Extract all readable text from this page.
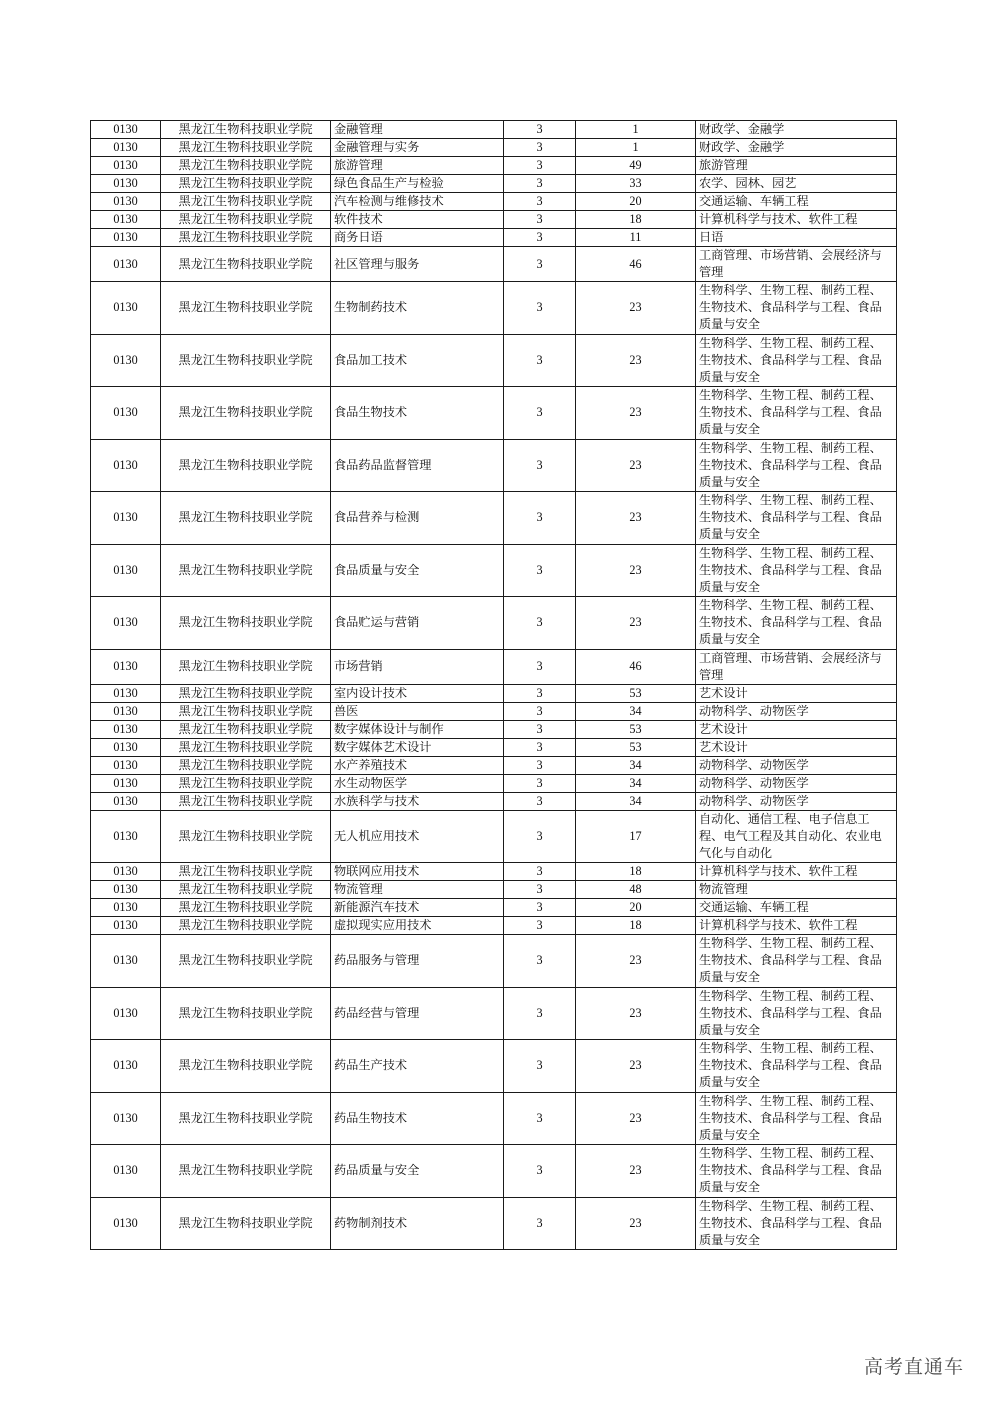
0130	黑龙江生物科技职业学院	金融管理	3	1	财政学、金融学
0130	黑龙江生物科技职业学院	金融管理与实务	3	1	财政学、金融学
0130	黑龙江生物科技职业学院	旅游管理	3	49	旅游管理
0130	黑龙江生物科技职业学院	绿色食品生产与检验	3	33	农学、园林、园艺
0130	黑龙江生物科技职业学院	汽车检测与维修技术	3	20	交通运输、车辆工程
0130	黑龙江生物科技职业学院	软件技术	3	18	计算机科学与技术、软件工程
0130	黑龙江生物科技职业学院	商务日语	3	11	日语
0130	黑龙江生物科技职业学院	社区管理与服务	3	46	工商管理、市场营销、会展经济与管理
0130	黑龙江生物科技职业学院	生物制药技术	3	23	生物科学、生物工程、制药工程、生物技术、食品科学与工程、食品质量与安全
0130	黑龙江生物科技职业学院	食品加工技术	3	23	生物科学、生物工程、制药工程、生物技术、食品科学与工程、食品质量与安全
0130	黑龙江生物科技职业学院	食品生物技术	3	23	生物科学、生物工程、制药工程、生物技术、食品科学与工程、食品质量与安全
0130	黑龙江生物科技职业学院	食品药品监督管理	3	23	生物科学、生物工程、制药工程、生物技术、食品科学与工程、食品质量与安全
0130	黑龙江生物科技职业学院	食品营养与检测	3	23	生物科学、生物工程、制药工程、生物技术、食品科学与工程、食品质量与安全
0130	黑龙江生物科技职业学院	食品质量与安全	3	23	生物科学、生物工程、制药工程、生物技术、食品科学与工程、食品质量与安全
0130	黑龙江生物科技职业学院	食品贮运与营销	3	23	生物科学、生物工程、制药工程、生物技术、食品科学与工程、食品质量与安全
0130	黑龙江生物科技职业学院	市场营销	3	46	工商管理、市场营销、会展经济与管理
0130	黑龙江生物科技职业学院	室内设计技术	3	53	艺术设计
0130	黑龙江生物科技职业学院	兽医	3	34	动物科学、动物医学
0130	黑龙江生物科技职业学院	数字媒体设计与制作	3	53	艺术设计
0130	黑龙江生物科技职业学院	数字媒体艺术设计	3	53	艺术设计
0130	黑龙江生物科技职业学院	水产养殖技术	3	34	动物科学、动物医学
0130	黑龙江生物科技职业学院	水生动物医学	3	34	动物科学、动物医学
0130	黑龙江生物科技职业学院	水族科学与技术	3	34	动物科学、动物医学
0130	黑龙江生物科技职业学院	无人机应用技术	3	17	自动化、通信工程、电子信息工程、电气工程及其自动化、农业电气化与自动化
0130	黑龙江生物科技职业学院	物联网应用技术	3	18	计算机科学与技术、软件工程
0130	黑龙江生物科技职业学院	物流管理	3	48	物流管理
0130	黑龙江生物科技职业学院	新能源汽车技术	3	20	交通运输、车辆工程
0130	黑龙江生物科技职业学院	虚拟现实应用技术	3	18	计算机科学与技术、软件工程
0130	黑龙江生物科技职业学院	药品服务与管理	3	23	生物科学、生物工程、制药工程、生物技术、食品科学与工程、食品质量与安全
0130	黑龙江生物科技职业学院	药品经营与管理	3	23	生物科学、生物工程、制药工程、生物技术、食品科学与工程、食品质量与安全
0130	黑龙江生物科技职业学院	药品生产技术	3	23	生物科学、生物工程、制药工程、生物技术、食品科学与工程、食品质量与安全
0130	黑龙江生物科技职业学院	药品生物技术	3	23	生物科学、生物工程、制药工程、生物技术、食品科学与工程、食品质量与安全
0130	黑龙江生物科技职业学院	药品质量与安全	3	23	生物科学、生物工程、制药工程、生物技术、食品科学与工程、食品质量与安全
0130	黑龙江生物科技职业学院	药物制剂技术	3	23	生物科学、生物工程、制药工程、生物技术、食品科学与工程、食品质量与安全
高考直通车
